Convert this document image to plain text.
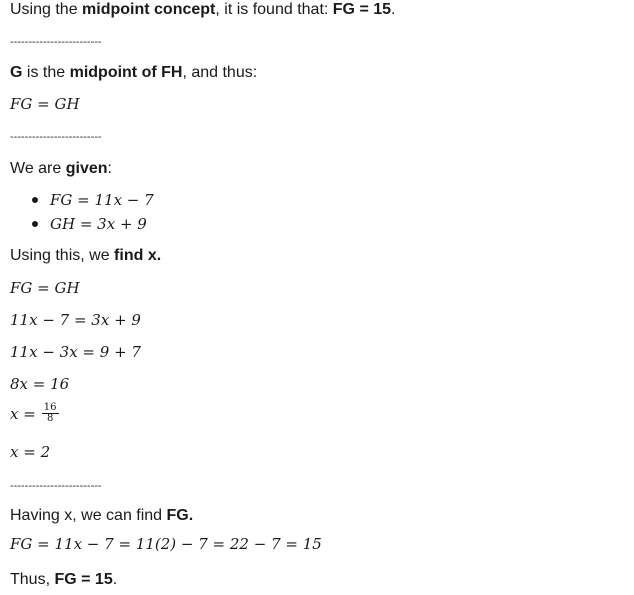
Using the midpoint concept, it is found that: FG = 15.
-------------------------
G is the midpoint of FH, and thus:
FG = GH
-------------------------
We are given:
FG = 11x − 7
GH = 3x + 9
Using this, we find x.
FG = GH
11x − 7 = 3x + 9
11x − 3x = 9 + 7
8x = 16
$x = \frac{16}{8}$
x = 2
-------------------------
Having x, we can find FG.
FG = 11x − 7 = 11(2) − 7 = 22 − 7 = 15
Thus, FG = 15.
